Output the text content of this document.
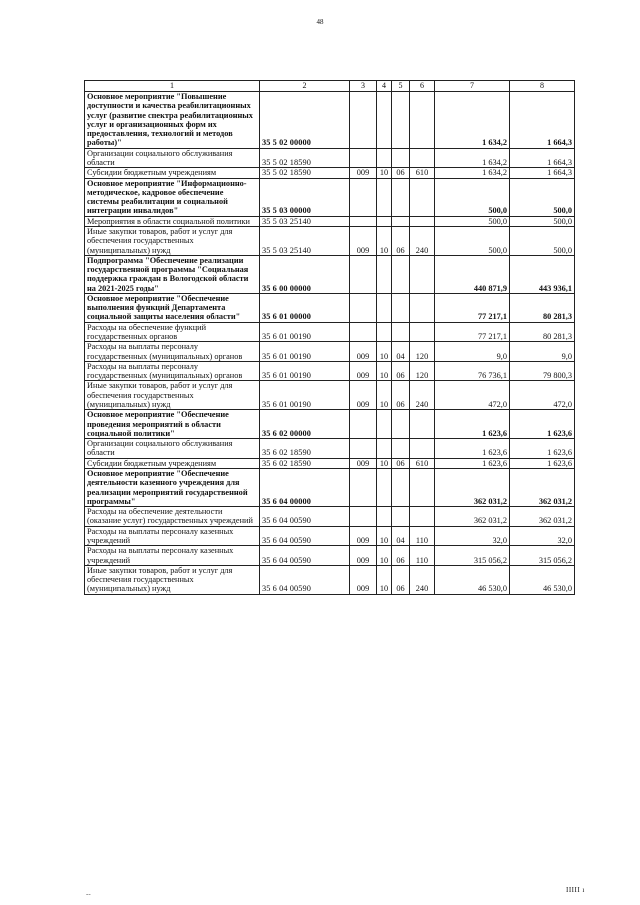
48
1	2	3	4	5	6	7	8
Основное мероприятие "Повышение доступности и качества реабилитационных услуг (развитие спектра реабилитационных услуг и организационных форм их предоставления, технологий и методов работы)"	35 5 02 00000					1 634,2	1 664,3
Организации социального обслуживания области	35 5 02 18590					1 634,2	1 664,3
Субсидии бюджетным учреждениям	35 5 02 18590	009	10	06	610	1 634,2	1 664,3
Основное мероприятие "Информационно-методическое, кадровое обеспечение системы реабилитации и социальной интеграции инвалидов"	35 5 03 00000					500,0	500,0
Мероприятия в области социальной политики	35 5 03 25140					500,0	500,0
Иные закупки товаров, работ и услуг для обеспечения государственных (муниципальных) нужд	35 5 03 25140	009	10	06	240	500,0	500,0
Подпрограмма "Обеспечение реализации государственной программы "Социальная поддержка граждан в Вологодской области на 2021-2025 годы"	35 6 00 00000					440 871,9	443 936,1
Основное мероприятие "Обеспечение выполнения функций Департамента социальной защиты населения области"	35 6 01 00000					77 217,1	80 281,3
Расходы на обеспечение функций государственных органов	35 6 01 00190					77 217,1	80 281,3
Расходы на выплаты персоналу государственных (муниципальных) органов	35 6 01 00190	009	10	04	120	9,0	9,0
Расходы на выплаты персоналу государственных (муниципальных) органов	35 6 01 00190	009	10	06	120	76 736,1	79 800,3
Иные закупки товаров, работ и услуг для обеспечения государственных (муниципальных) нужд	35 6 01 00190	009	10	06	240	472,0	472,0
Основное мероприятие "Обеспечение проведения мероприятий в области социальной политики"	35 6 02 00000					1 623,6	1 623,6
Организации социального обслуживания области	35 6 02 18590					1 623,6	1 623,6
Субсидии бюджетным учреждениям	35 6 02 18590	009	10	06	610	1 623,6	1 623,6
Основное мероприятие "Обеспечение деятельности казенного учреждения для реализации мероприятий государственной программы"	35 6 04 00000					362 031,2	362 031,2
Расходы на обеспечение деятельности (оказание услуг) государственных учреждений	35 6 04 00590					362 031,2	362 031,2
Расходы на выплаты персоналу казенных учреждений	35 6 04 00590	009	10	04	110	32,0	32,0
Расходы на выплаты персоналу казенных учреждений	35 6 04 00590	009	10	06	110	315 056,2	315 056,2
Иные закупки товаров, работ и услуг для обеспечения государственных (муниципальных) нужд	35 6 04 00590	009	10	06	240	46 530,0	46 530,0
--	IIIII ı
